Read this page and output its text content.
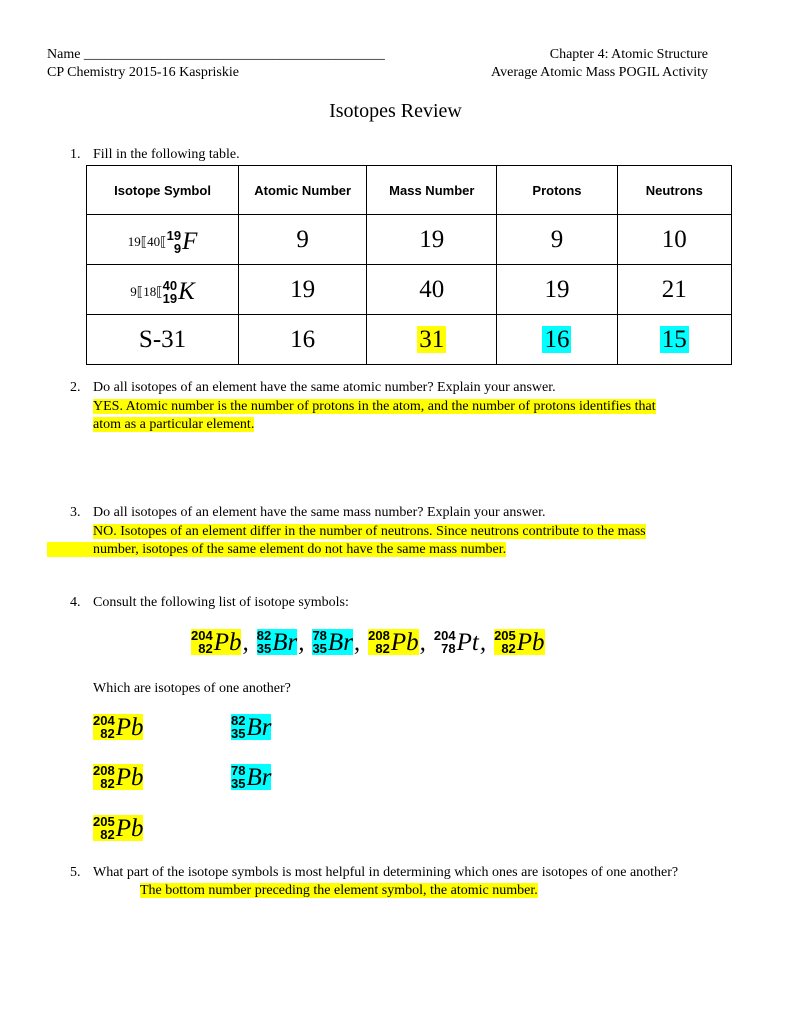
Name ___________________________________________
CP Chemistry 2015-16 Kaspriskie
Chapter 4: Atomic Structure
Average Atomic Mass POGIL Activity
Isotopes Review
1. Fill in the following table.
Isotope Symbol	Atomic Number	Mass Number	Protons	Neutrons

19⟦40⟦ 19
9 F	9	19	9	10

9⟦18⟦ 40
19 K	19	40	19	21
S-31	16	31	16	15
2. Do all isotopes of an element have the same atomic number? Explain your answer.
YES. Atomic number is the number of protons in the atom, and the number of protons identifies that
atom as a particular element.
3. Do all isotopes of an element have the same mass number? Explain your answer.
NO. Isotopes of an element differ in the number of neutrons. Since neutrons contribute to the mass
number, isotopes of the same element do not have the same mass number.
4. Consult the following list of isotope symbols:
204
82 Pb , 82
35 Br , 78
35 Br , 208
82 Pb , 204
78 Pt , 205
82 Pb
Which are isotopes of one another?
204
82 Pb
208
82 Pb
205
82 Pb
82
35 Br
78
35 Br
5. What part of the isotope symbols is most helpful in determining which ones are isotopes of one another?
The bottom number preceding the element symbol, the atomic number.
